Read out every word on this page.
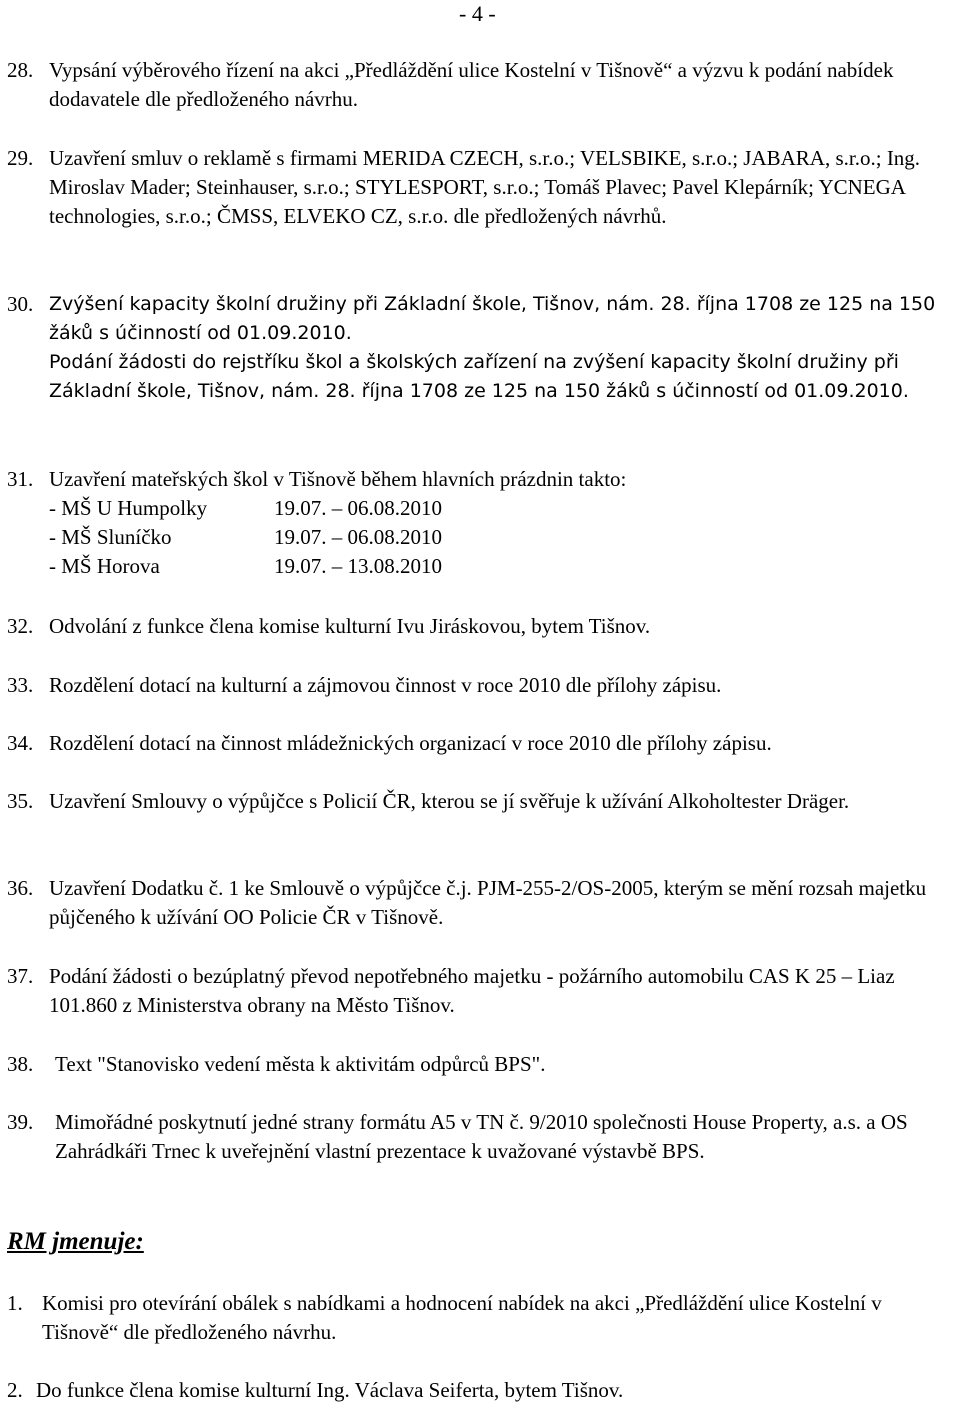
- 4 -
28. Vypsání výběrového řízení na akci „Předláždění ulice Kostelní v Tišnově“ a výzvu k podání nabídek dodavatele dle předloženého návrhu.
29. Uzavření smluv o reklamě s firmami MERIDA CZECH, s.r.o.; VELSBIKE, s.r.o.; JABARA, s.r.o.; Ing. Miroslav Mader; Steinhauser, s.r.o.; STYLESPORT, s.r.o.; Tomáš Plavec; Pavel Klepárník; YCNEGA technologies, s.r.o.; ČMSS, ELVEKO CZ, s.r.o. dle předložených návrhů.
30. Zvýšení kapacity školní družiny při Základní škole, Tišnov, nám. 28. října 1708 ze 125 na 150 žáků s účinností od 01.09.2010.
Podání žádosti do rejstříku škol a školských zařízení na zvýšení kapacity školní družiny při Základní škole, Tišnov, nám. 28. října 1708 ze 125 na 150 žáků s účinností od 01.09.2010.
31. Uzavření mateřských škol v Tišnově během hlavních prázdnin takto:
- MŠ U Humpolky	19.07. – 06.08.2010
- MŠ Sluníčko	19.07. – 06.08.2010
- MŠ Horova	19.07. – 13.08.2010
32. Odvolání z funkce člena komise kulturní Ivu Jiráskovou, bytem Tišnov.
33. Rozdělení dotací na kulturní a zájmovou činnost v roce 2010 dle přílohy zápisu.
34. Rozdělení dotací na činnost mládežnických organizací v roce 2010 dle přílohy zápisu.
35. Uzavření Smlouvy o výpůjčce s Policií ČR, kterou se jí svěřuje k užívání Alkoholtester Dräger.
36. Uzavření Dodatku č. 1 ke Smlouvě o výpůjčce č.j. PJM-255-2/OS-2005, kterým se mění rozsah majetku půjčeného k užívání OO Policie ČR v Tišnově.
37. Podání žádosti o bezúplatný převod nepotřebného majetku - požárního automobilu CAS K 25 – Liaz 101.860 z Ministerstva obrany na Město Tišnov.
38. Text "Stanovisko vedení města k aktivitám odpůrců BPS".
39. Mimořádné poskytnutí jedné strany formátu A5 v TN č. 9/2010 společnosti House Property, a.s. a OS Zahrádkáři Trnec k uveřejnění vlastní prezentace k uvažované výstavbě BPS.
RM jmenuje:
1. Komisi pro otevírání obálek s nabídkami a hodnocení nabídek na akci „Předláždění ulice Kostelní v Tišnově“ dle předloženého návrhu.
2. Do funkce člena komise kulturní Ing. Václava Seiferta, bytem Tišnov.
